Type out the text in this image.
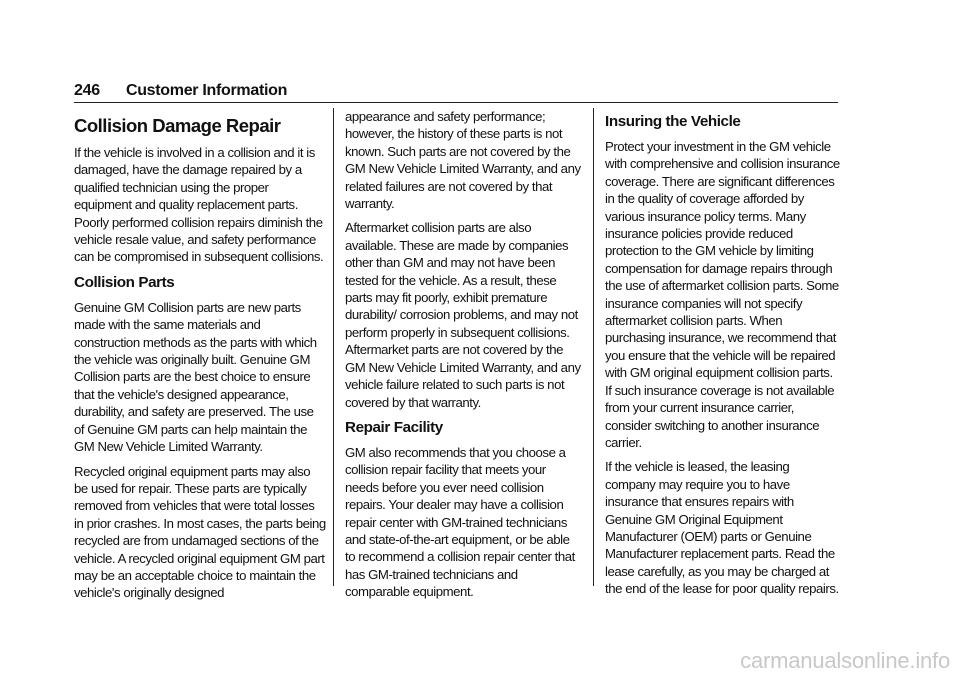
246 Customer Information
Collision Damage Repair

If the vehicle is involved in a collision and it is damaged, have the damage repaired by a qualified technician using the proper equipment and quality replacement parts. Poorly performed collision repairs diminish the vehicle resale value, and safety performance can be compromised in subsequent collisions.

Collision Parts

Genuine GM Collision parts are new parts made with the same materials and construction methods as the parts with which the vehicle was originally built. Genuine GM Collision parts are the best choice to ensure that the vehicle's designed appearance, durability, and safety are preserved. The use of Genuine GM parts can help maintain the GM New Vehicle Limited Warranty.

Recycled original equipment parts may also be used for repair. These parts are typically removed from vehicles that were total losses in prior crashes. In most cases, the parts being recycled are from undamaged sections of the vehicle. A recycled original equipment GM part may be an acceptable choice to maintain the vehicle's originally designed

appearance and safety performance; however, the history of these parts is not known. Such parts are not covered by the GM New Vehicle Limited Warranty, and any related failures are not covered by that warranty.

Aftermarket collision parts are also available. These are made by companies other than GM and may not have been tested for the vehicle. As a result, these parts may fit poorly, exhibit premature durability/ corrosion problems, and may not perform properly in subsequent collisions. Aftermarket parts are not covered by the GM New Vehicle Limited Warranty, and any vehicle failure related to such parts is not covered by that warranty.

Repair Facility

GM also recommends that you choose a collision repair facility that meets your needs before you ever need collision repairs. Your dealer may have a collision repair center with GM-trained technicians and state-of-the-art equipment, or be able to recommend a collision repair center that has GM-trained technicians and comparable equipment.

Insuring the Vehicle

Protect your investment in the GM vehicle with comprehensive and collision insurance coverage. There are significant differences in the quality of coverage afforded by various insurance policy terms. Many insurance policies provide reduced protection to the GM vehicle by limiting compensation for damage repairs through the use of aftermarket collision parts. Some insurance companies will not specify aftermarket collision parts. When purchasing insurance, we recommend that you ensure that the vehicle will be repaired with GM original equipment collision parts. If such insurance coverage is not available from your current insurance carrier, consider switching to another insurance carrier.

If the vehicle is leased, the leasing company may require you to have insurance that ensures repairs with Genuine GM Original Equipment Manufacturer (OEM) parts or Genuine Manufacturer replacement parts. Read the lease carefully, as you may be charged at the end of the lease for poor quality repairs.

carmanualsonline.info
